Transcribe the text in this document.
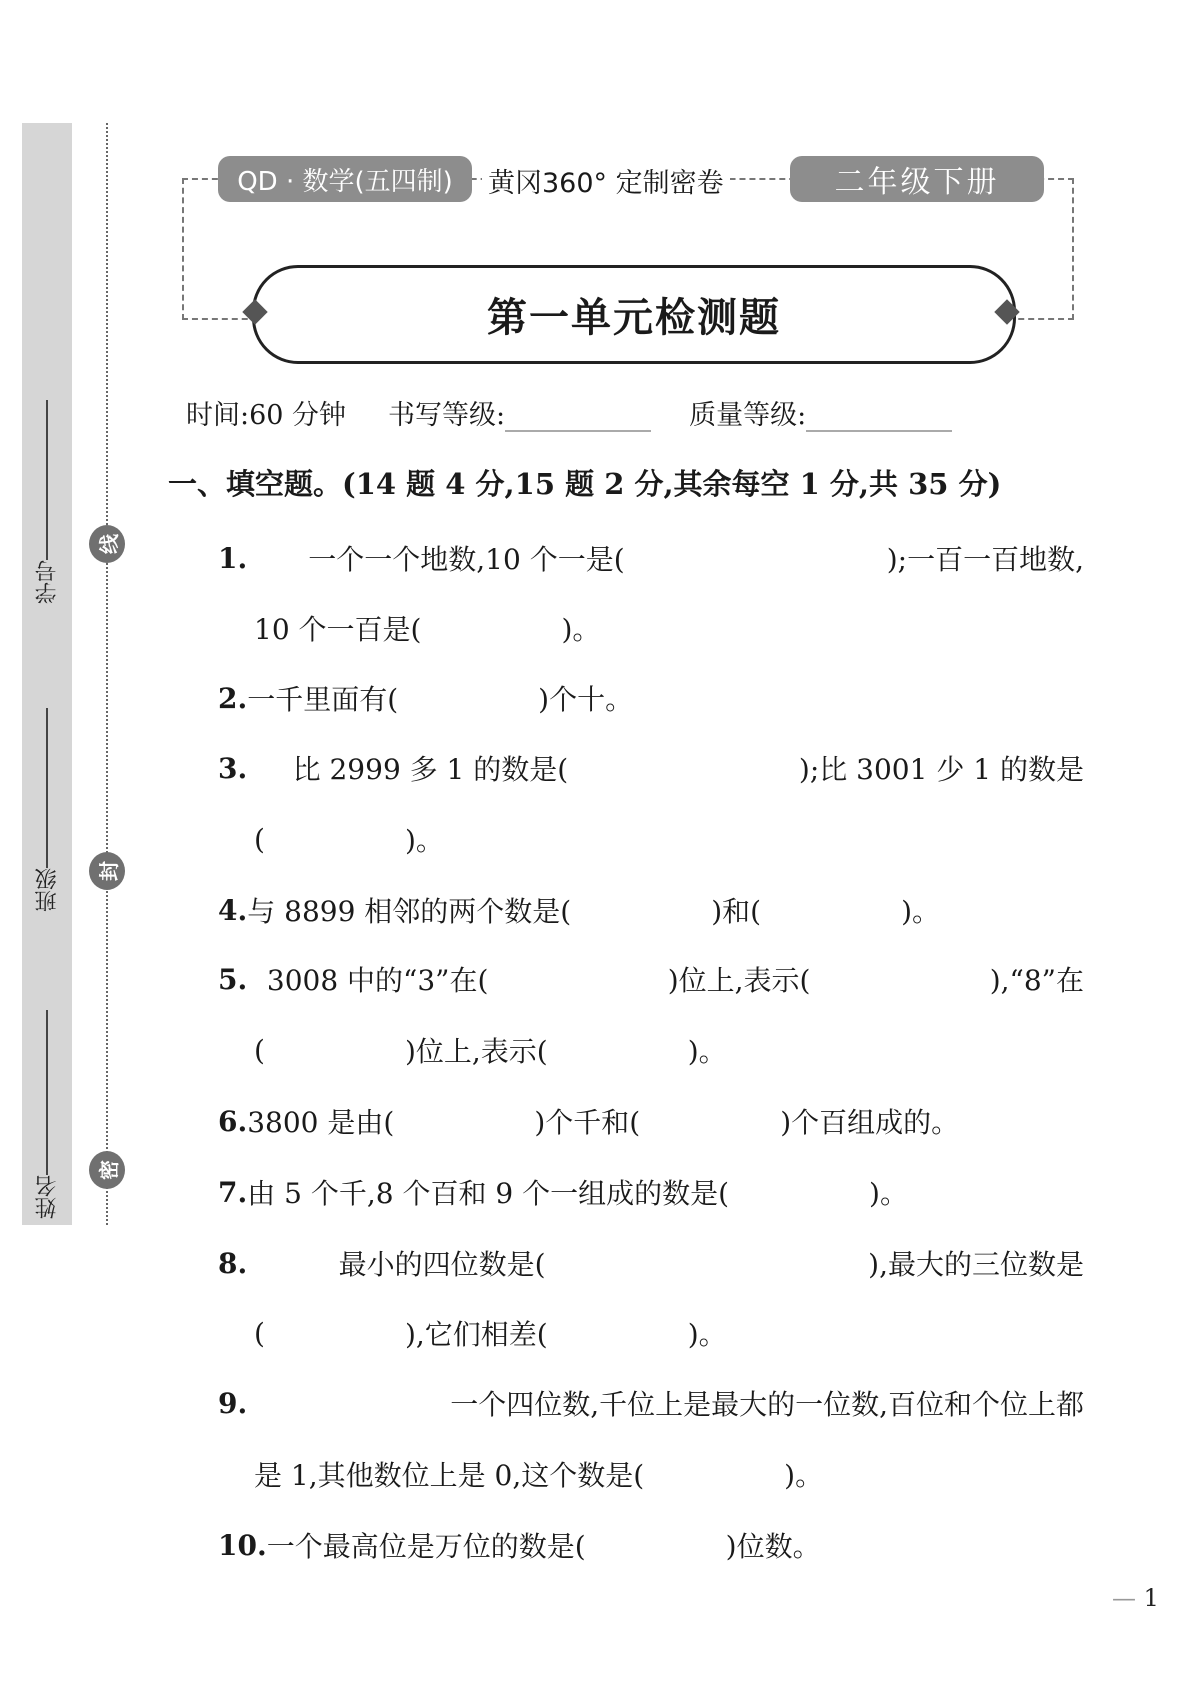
学号
班级
姓名
线
封
密
QD · 数学(五四制)	黄冈360° 定制密卷	二年级下册
第一单元检测题
时间:60 分钟 书写等级:	质量等级:
一、填空题。(14 题 4 分,15 题 2 分,其余每空 1 分,共 35 分)
1. 一个一个地数,10 个一是(	);一百一百地数,
10 个一百是(	)。
2. 一千里面有(	)个十。
3. 比 2999 多 1 的数是(	);比 3001 少 1 的数是
(	)。
4. 与 8899 相邻的两个数是(	)和(	)。
5. 3008 中的“3”在(	)位上,表示(	),“8”在
(	)位上,表示(	)。
6. 3800 是由(	)个千和(	)个百组成的。
7. 由 5 个千,8 个百和 9 个一组成的数是(	)。
8.	最小的四位数是(	),最大的三位数是
(	),它们相差(	)。
9.	一个四位数,千位上是最大的一位数,百位和个位上都
是 1,其他数位上是 0,这个数是(	)。
10. 一个最高位是万位的数是(	)位数。
— 1
